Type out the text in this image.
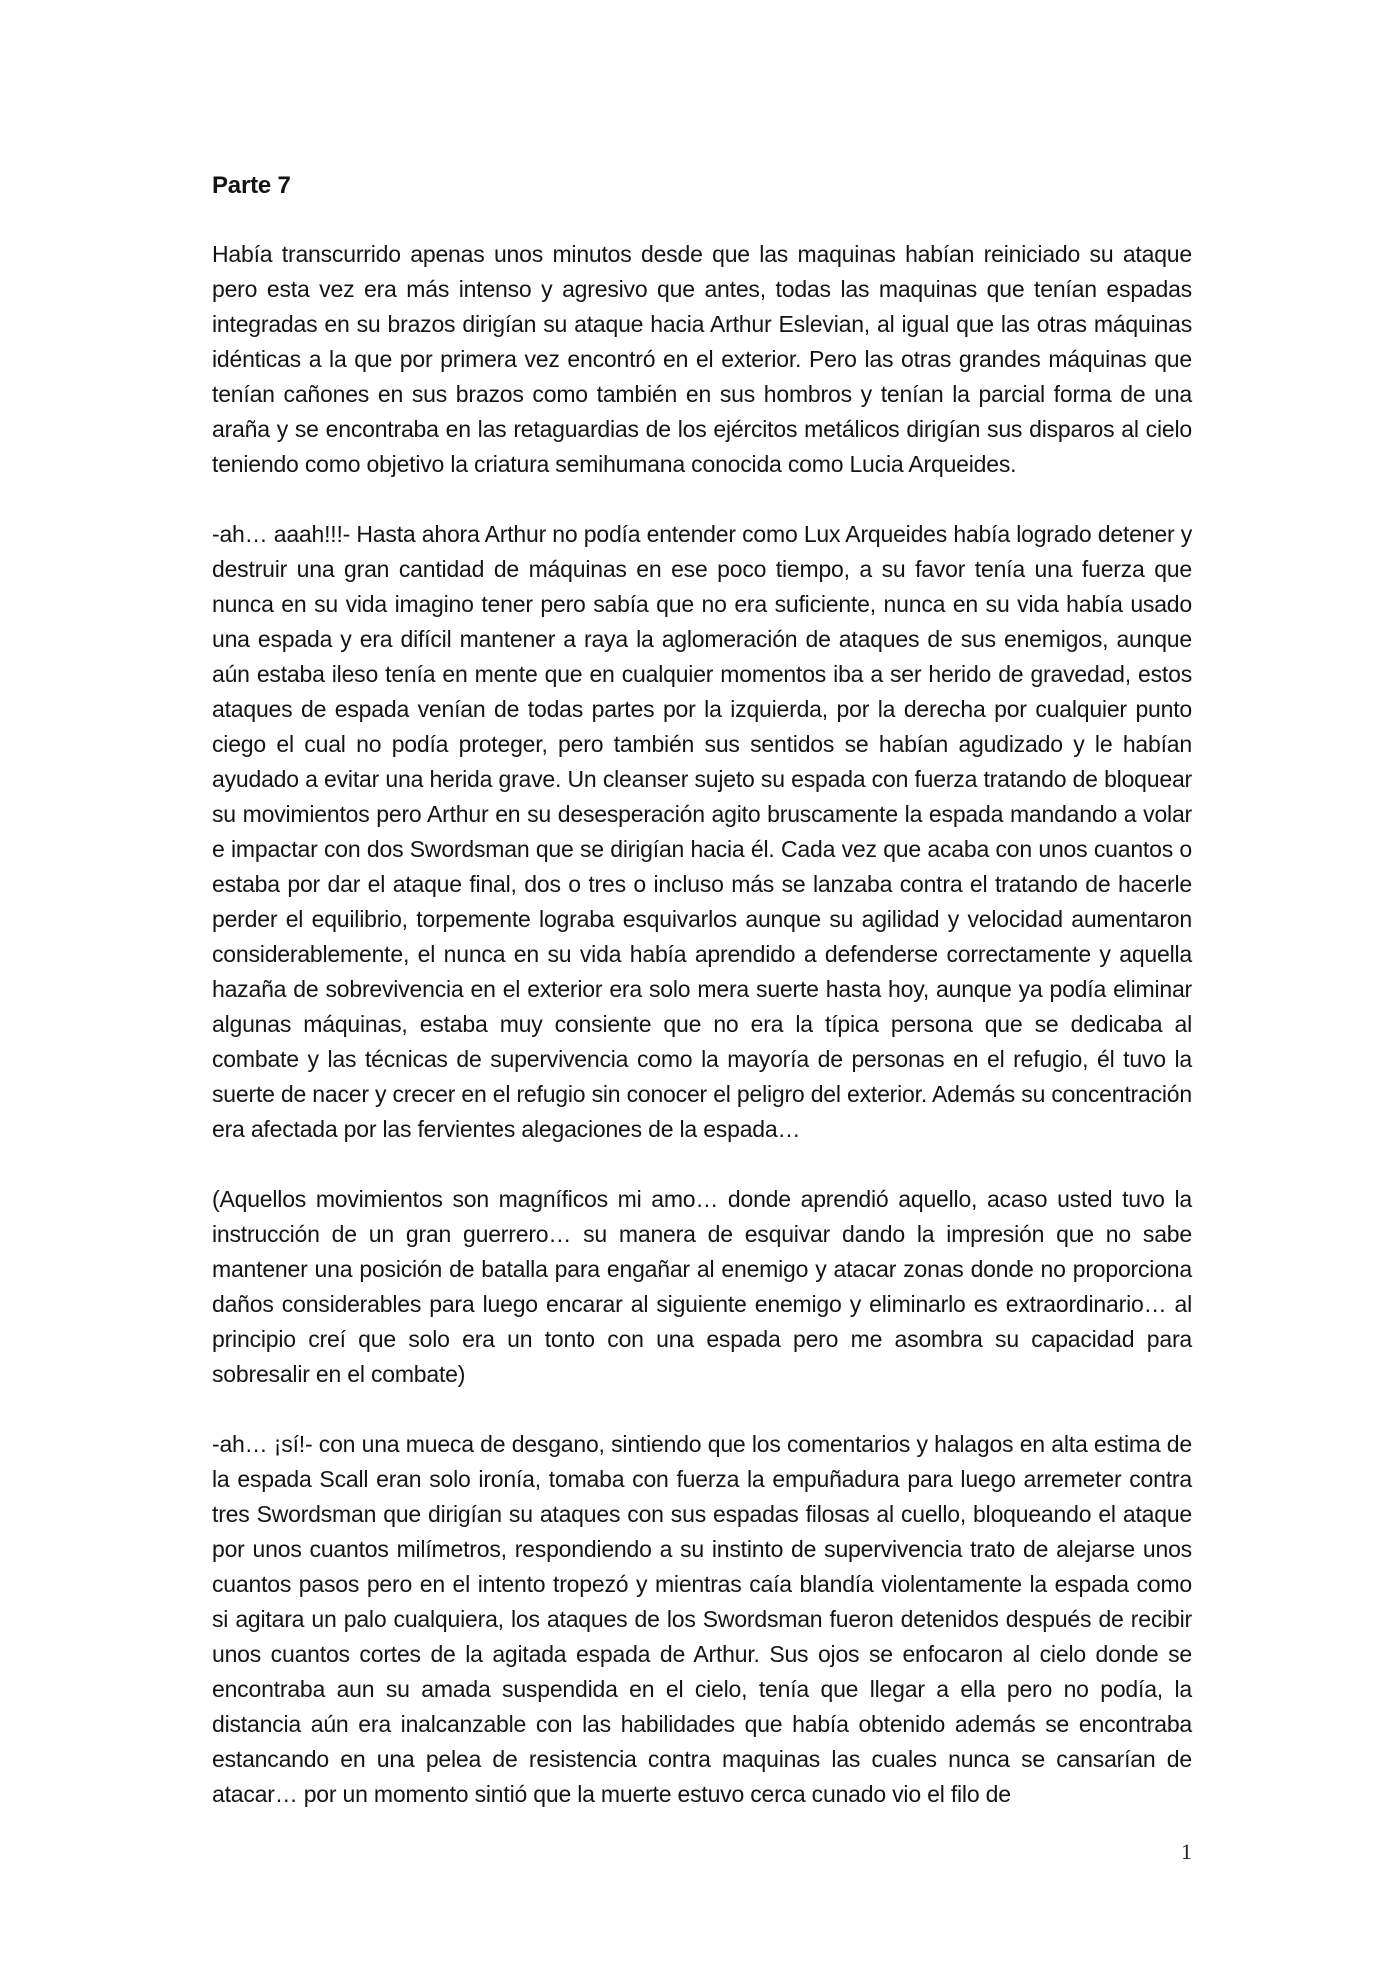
Parte 7

Había transcurrido apenas unos minutos desde que las maquinas habían reiniciado su ataque pero esta vez era más intenso y agresivo que antes, todas las maquinas que tenían espadas integradas en su brazos dirigían su ataque hacia Arthur Eslevian, al igual que las otras máquinas idénticas a la que por primera vez encontró en el exterior. Pero las otras grandes máquinas que tenían cañones en sus brazos como también en sus hombros y tenían la parcial forma de una araña y se encontraba en las retaguardias de los ejércitos metálicos dirigían sus disparos al cielo teniendo como objetivo la criatura semihumana conocida como Lucia Arqueides.

-ah… aaah!!!- Hasta ahora Arthur no podía entender como Lux Arqueides había logrado detener y destruir una gran cantidad de máquinas en ese poco tiempo, a su favor tenía una fuerza que nunca en su vida imagino tener pero sabía que no era suficiente, nunca en su vida había usado una espada y era difícil mantener a raya la aglomeración de ataques de sus enemigos, aunque aún estaba ileso tenía en mente que en cualquier momentos iba a ser herido de gravedad, estos ataques de espada venían de todas partes por la izquierda, por la derecha por cualquier punto ciego el cual no podía proteger, pero también sus sentidos se habían agudizado y le habían ayudado a evitar una herida grave. Un cleanser sujeto su espada con fuerza tratando de bloquear su movimientos pero Arthur en su desesperación agito bruscamente la espada mandando a volar e impactar con dos Swordsman que se dirigían hacia él. Cada vez que acaba con unos cuantos o estaba por dar el ataque final, dos o tres o incluso más se lanzaba contra el tratando de hacerle perder el equilibrio, torpemente lograba esquivarlos aunque su agilidad y velocidad aumentaron considerablemente, el nunca en su vida había aprendido a defenderse correctamente y aquella hazaña de sobrevivencia en el exterior era solo mera suerte hasta hoy, aunque ya podía eliminar algunas máquinas, estaba muy consiente que no era la típica persona que se dedicaba al combate y las técnicas de supervivencia como la mayoría de personas en el refugio, él tuvo la suerte de nacer y crecer en el refugio sin conocer el peligro del exterior. Además su concentración era afectada por las fervientes alegaciones de la espada…

(Aquellos movimientos son magníficos mi amo… donde aprendió aquello, acaso usted tuvo la instrucción de un gran guerrero… su manera de esquivar dando la impresión que no sabe mantener una posición de batalla para engañar al enemigo y atacar zonas donde no proporciona daños considerables para luego encarar al siguiente enemigo y eliminarlo es extraordinario… al principio creí que solo era un tonto con una espada pero me asombra su capacidad para sobresalir en el combate)

-ah… ¡sí!- con una mueca de desgano, sintiendo que los comentarios y halagos en alta estima de la espada Scall eran solo ironía, tomaba con fuerza la empuñadura para luego arremeter contra tres Swordsman que dirigían su ataques con sus espadas filosas al cuello, bloqueando el ataque por unos cuantos milímetros, respondiendo a su instinto de supervivencia trato de alejarse unos cuantos pasos pero en el intento tropezó y mientras caía blandía violentamente la espada como si agitara un palo cualquiera, los ataques de los Swordsman fueron detenidos después de recibir unos cuantos cortes de la agitada espada de Arthur. Sus ojos se enfocaron al cielo donde se encontraba aun su amada suspendida en el cielo, tenía que llegar a ella pero no podía, la distancia aún era inalcanzable con las habilidades que había obtenido además se encontraba estancando en una pelea de resistencia contra maquinas las cuales nunca se cansarían de atacar… por un momento sintió que la muerte estuvo cerca cunado vio el filo de

1
